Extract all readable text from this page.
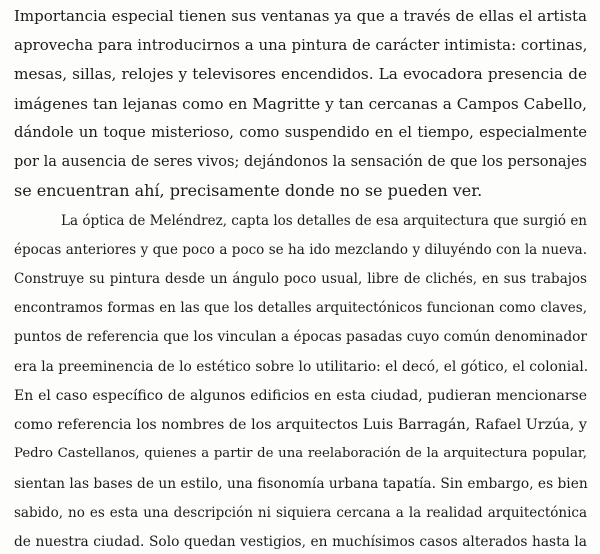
Importancia especial tienen sus ventanas ya que a través de ellas el artista

aprovecha para introducirnos a una pintura de carácter intimista: cortinas,

mesas, sillas, relojes y televisores encendidos. La evocadora presencia de

imágenes tan lejanas como en Magritte y tan cercanas a Campos Cabello,

dándole un toque misterioso, como suspendido en el tiempo, especialmente

por la ausencia de seres vivos; dejándonos la sensación de que los personajes

se encuentran ahí, precisamente donde no se pueden ver.

La óptica de Meléndrez, capta los detalles de esa arquitectura que surgió en

épocas anteriores y que poco a poco se ha ido mezclando y diluyéndo con la nueva.

Construye su pintura desde un ángulo poco usual, libre de clichés, en sus trabajos

encontramos formas en las que los detalles arquitectónicos funcionan como claves,

puntos de referencia que los vinculan a épocas pasadas cuyo común denominador

era la preeminencia de lo estético sobre lo utilitario: el decó, el gótico, el colonial.

En el caso específico de algunos edificios en esta ciudad, pudieran mencionarse

como referencia los nombres de los arquitectos Luis Barragán, Rafael Urzúa, y

Pedro Castellanos, quienes a partir de una reelaboración de la arquitectura popular,

sientan las bases de un estilo, una fisonomía urbana tapatía. Sin embargo, es bien

sabido, no es esta una descripción ni siquiera cercana a la realidad arquitectónica

de nuestra ciudad. Solo quedan vestigios, en muchísimos casos alterados hasta la
